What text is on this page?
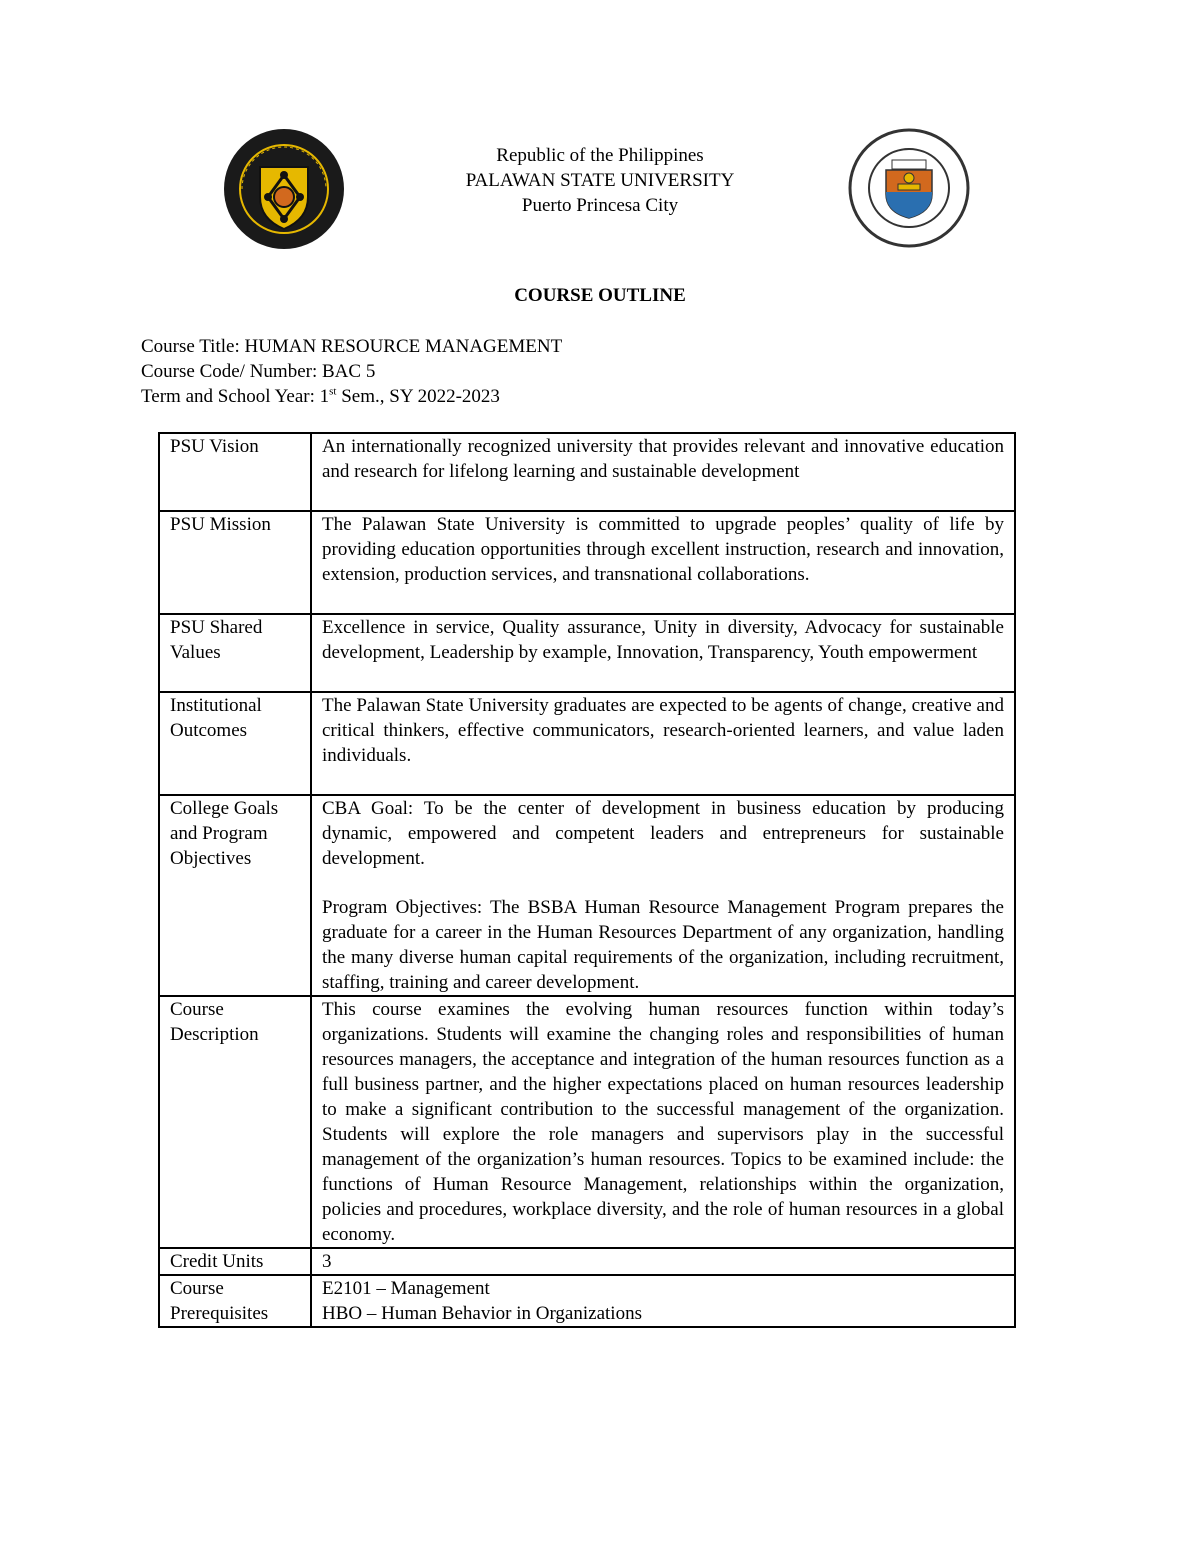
Republic of the Philippines
PALAWAN STATE UNIVERSITY
Puerto Princesa City
COURSE OUTLINE
Course Title: HUMAN RESOURCE MANAGEMENT
Course Code/ Number: BAC 5
Term and School Year: 1st Sem., SY 2022-2023
PSU Vision	An internationally recognized university that provides relevant and innovative education and research for lifelong learning and sustainable development
PSU Mission	The Palawan State University is committed to upgrade peoples’ quality of life by providing education opportunities through excellent instruction, research and innovation, extension, production services, and transnational collaborations.
PSU Shared Values	Excellence in service, Quality assurance, Unity in diversity, Advocacy for sustainable development, Leadership by example, Innovation, Transparency, Youth empowerment
Institutional Outcomes	The Palawan State University graduates are expected to be agents of change, creative and critical thinkers, effective communicators, research-oriented learners, and value laden individuals.
College Goals and Program Objectives	CBA Goal: To be the center of development in business education by producing dynamic, empowered and competent leaders and entrepreneurs for sustainable development.
Program Objectives: The BSBA Human Resource Management Program prepares the graduate for a career in the Human Resources Department of any organization, handling the many diverse human capital requirements of the organization, including recruitment, staffing, training and career development.

Course Description	This course examines the evolving human resources function within today’s organizations. Students will examine the changing roles and responsibilities of human resources managers, the acceptance and integration of the human resources function as a full business partner, and the higher expectations placed on human resources leadership to make a significant contribution to the successful management of the organization. Students will explore the role managers and supervisors play in the successful management of the organization’s human resources. Topics to be examined include: the functions of Human Resource Management, relationships within the organization, policies and procedures, workplace diversity, and the role of human resources in a global economy.
Credit Units	3
Course Prerequisites	E2101 – Management
HBO – Human Behavior in Organizations
